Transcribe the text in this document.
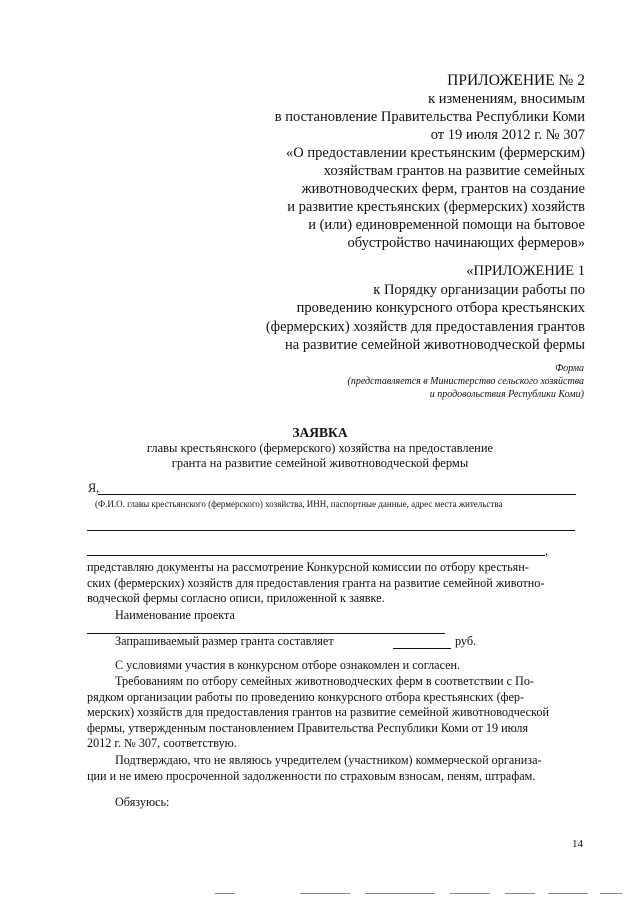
ПРИЛОЖЕНИЕ № 2
к изменениям, вносимым
в постановление Правительства Республики Коми
от 19 июля 2012 г. № 307
«О предоставлении крестьянским (фермерским)
хозяйствам грантов на развитие семейных
животноводческих ферм, грантов на создание
и развитие крестьянских (фермерских) хозяйств
и (или) единовременной помощи на бытовое
обустройство начинающих фермеров»
«ПРИЛОЖЕНИЕ 1
к Порядку организации работы по
проведению конкурсного отбора крестьянских
(фермерских) хозяйств для предоставления грантов
на развитие семейной животноводческой фермы
Форма
(представляется в Министерство сельского хозяйства
и продовольствия Республики Коми)
ЗАЯВКА
главы крестьянского (фермерского) хозяйства на предоставление
гранта на развитие семейной животноводческой фермы
Я,
(Ф.И.О. главы крестьянского (фермерского) хозяйства, ИНН, паспортные данные, адрес места жительства
,
представляю документы на рассмотрение Конкурсной комиссии по отбору крестьян-
ских (фермерских) хозяйств для предоставления гранта на развитие семейной животно-
водческой фермы согласно описи, приложенной к заявке.
Наименование проекта
Запрашиваемый размер гранта составляет	руб.
С условиями участия в конкурсном отборе ознакомлен и согласен.
Требованиям по отбору семейных животноводческих ферм в соответствии с По-
рядком организации работы по проведению конкурсного отбора крестьянских (фер-
мерских) хозяйств для предоставления грантов на развитие семейной животноводческой
фермы, утвержденным постановлением Правительства Республики Коми от 19 июля
2012 г. № 307, соответствую.
Подтверждаю, что не являюсь учредителем (участником) коммерческой организа-
ции и не имею просроченной задолженности по страховым взносам, пеням, штрафам.
Обязуюсь:
14
